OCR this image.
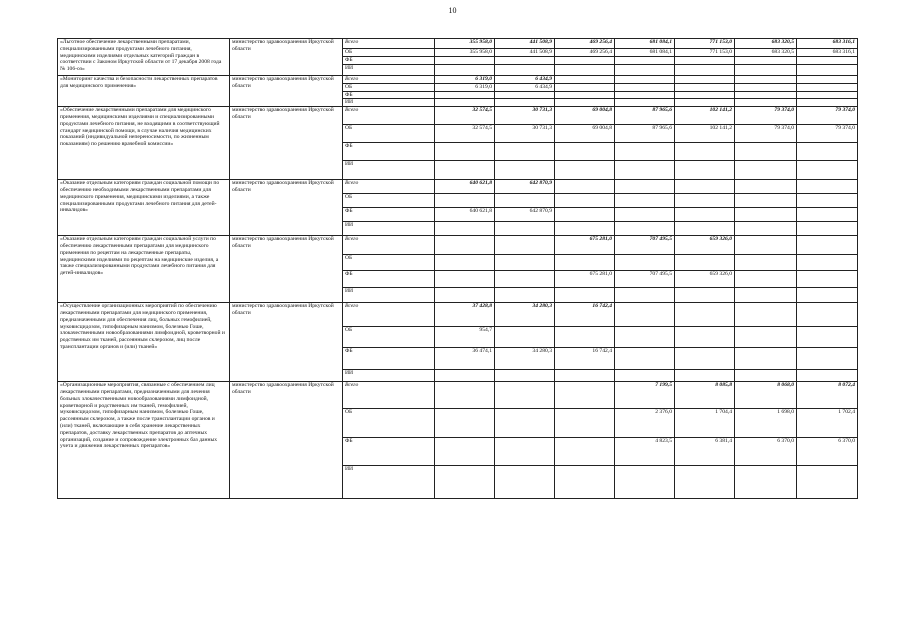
10
«Льготное обеспечение лекарственными препаратами, специализированными продуктами лечебного питания, медицинскими изделиями отдельных категорий граждан в соответствии с Законом Иркутской области от 17 декабря 2008 года № 106-оз»	министерство здравоохранения Иркутской области	Всего	355 958,0	441 508,9	469 256,4	681 084,1	771 153,0	683 320,5	683 316,1
		ОБ	355 958,0	441 508,9	469 256,4	681 084,1	771 153,0	683 320,5	683 316,1
		ФБ							
		ИИ							
«Мониторинг качества и безопасности лекарственных препаратов для медицинского применения»	министерство здравоохранения Иркутской области	Всего	6 319,0	6 434,9					
		ОБ	6 319,0	6 434,9					
		ФБ							
		ИИ							
«Обеспечение лекарственными препаратами для медицинского применения, медицинскими изделиями и специализированными продуктами лечебного питания, не входящими в соответствующий стандарт медицинской помощи, в случае наличия медицинских показаний (индивидуальной непереносимости, по жизненным показаниям) по решению врачебной комиссии»	министерство здравоохранения Иркутской области	Всего	32 574,5	30 731,3	69 004,8	87 965,6	102 141,2	79 374,0	79 374,0
		ОБ	32 574,5	30 731,3	69 004,8	87 965,6	102 141,2	79 374,0	79 374,0
		ФБ							
		ИИ							
«Оказание отдельным категориям граждан социальной помощи по обеспечению необходимыми лекарственными препаратами для медицинского применения, медицинскими изделиями, а также специализированными продуктами лечебного питания для детей-инвалидов»	министерство здравоохранения Иркутской области	Всего	640 621,8	642 870,9					
		ОБ							
		ФБ	640 621,8	642 870,9					
		ИИ							
«Оказание отдельным категориям граждан социальной услуги по обеспечению лекарственными препаратами для медицинского применения по рецептам на лекарственные препараты, медицинскими изделиями по рецептам на медицинские изделия, а также специализированными продуктами лечебного питания для детей-инвалидов»	министерство здравоохранения Иркутской области	Всего			675 281,0	707 495,5	659 326,0		
		ОБ							
		ФБ			675 281,0	707 495,5	659 326,0		
		ИИ							
«Осуществление организационных мероприятий по обеспечению лекарственными препаратами для медицинского применения, предназначенными для обеспечения лиц, больных гемофилией, муковисцидозом, гипофизарным нанизмом, болезнью Гоше, злокачественными новообразованиями лимфоидной, кроветворной и родственных им тканей, рассеянным склерозом, лиц после трансплантации органов и (или) тканей»	министерство здравоохранения Иркутской области	Всего	37 428,8	34 280,3	16 742,4				
		ОБ	954,7						
		ФБ	36 474,1	34 280,3	16 742,4				
		ИИ							
«Организационные мероприятия, связанные с обеспечением лиц лекарственными препаратами, предназначенными для лечения больных злокачественными новообразованиями лимфоидной, кроветворной и родственных им тканей, гемофилией, муковисцидозом, гипофизарным нанизмом, болезнью Гоше, рассеянным склерозом, а также после трансплантации органов и (или) тканей, включающие в себя хранение лекарственных препаратов, доставку лекарственных препаратов до аптечных организаций, создание и сопровождение электронных баз данных учета и движения лекарственных препаратов»	министерство здравоохранения Иркутской области	Всего				7 199,5	8 085,8	8 068,0	8 072,4
		ОБ				2 376,0	1 704,4	1 698,0	1 702,4
		ФБ				4 823,5	6 381,4	6 370,0	6 370,0
		ИИ							
